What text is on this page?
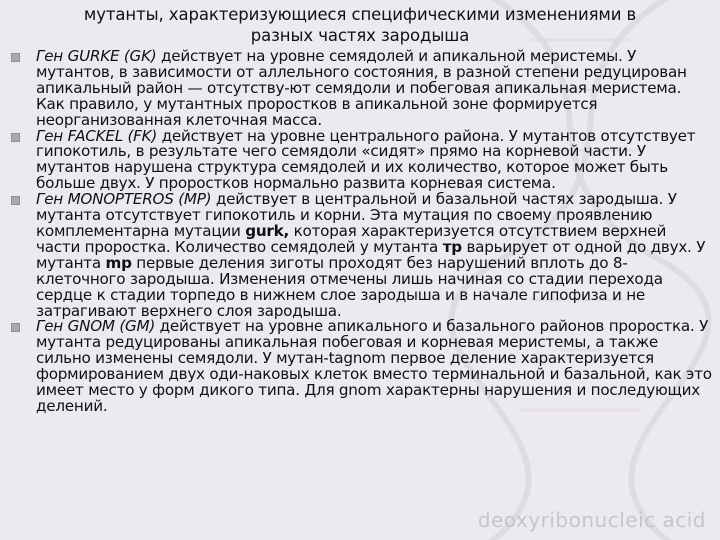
мутанты, характеризующиеся специфическими изменениями в
разных частях зародыша
Ген GURKE (GK) действует на уровне семядолей и апикальной меристемы. У мутантов, в зависимости от аллельного состояния, в разной степени редуцирован апикальный район — отсутству-ют семядоли и побеговая апикальная меристема. Как правило, у мутантных проростков в апикальной зоне формируется неорганизованная клеточная масса.
Ген FACKEL (FK) действует на уровне центрального района. У мутантов отсутствует гипокотиль, в результате чего семядоли «сидят» прямо на корневой части. У мутантов нарушена структура семядолей и их количество, которое может быть больше двух. У проростков нормально развита корневая система.
Ген MONOPTEROS (MP) действует в центральной и базальной частях зародыша. У мутанта отсутствует гипокотиль и корни. Эта мутация по своему проявлению комплементарна мутации gurk, которая характеризуется отсутствием верхней части проростка. Количество семядолей у мутанта тр варьирует от одной до двух. У мутанта mp первые деления зиготы проходят без нарушений вплоть до 8-клеточного зародыша. Изменения отмечены лишь начиная со стадии перехода сердце к стадии торпедо в нижнем слое зародыша и в начале гипофиза и не затрагивают верхнего слоя зародыша.
Ген GNOM (GM) действует на уровне апикального и базального районов проростка. У мутанта редуцированы апикальная побеговая и корневая меристемы, а также сильно изменены семядоли. У мутан-tagnom первое деление характеризуется формированием двух оди-наковых клеток вместо терминальной и базальной, как это имеет место у форм дикого типа. Для gnom характерны нарушения и последующих делений.
deoxyribonucleic acid
